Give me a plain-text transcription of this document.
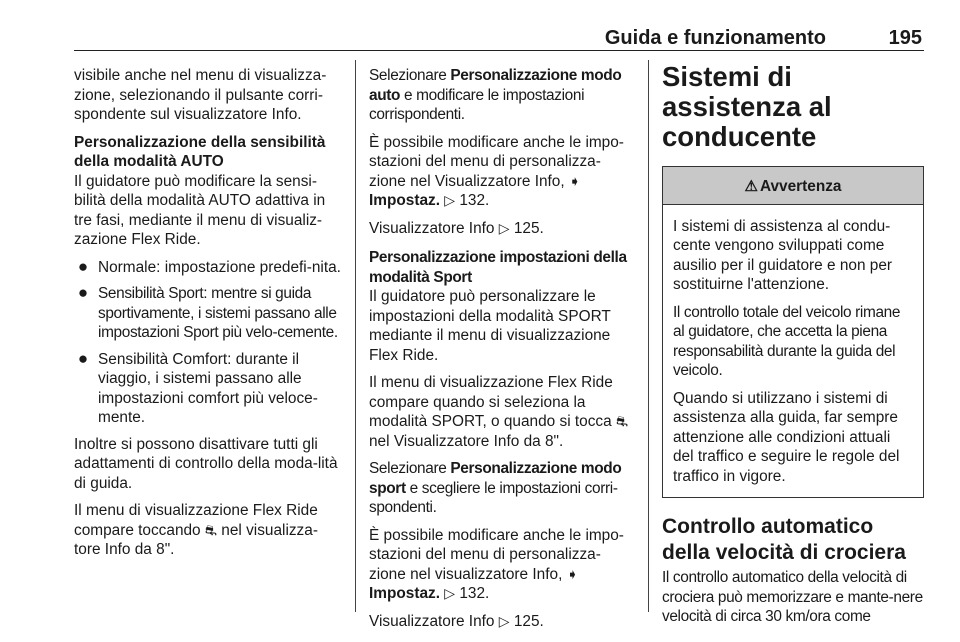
Guida e funzionamento	195

visibile anche nel menu di visualizza-zione, selezionando il pulsante corri-spondente sul visualizzatore Info.

Personalizzazione della sensibilità della modalità AUTO

Il guidatore può modificare la sensi-bilità della modalità AUTO adattiva in tre fasi, mediante il menu di visualiz-zazione Flex Ride.

● Normale: impostazione predefi-nita.
● Sensibilità Sport: mentre si guida sportivamente, i sistemi passano alle impostazioni Sport più velo-cemente.
● Sensibilità Comfort: durante il viaggio, i sistemi passano alle impostazioni comfort più veloce-mente.

Inoltre si possono disattivare tutti gli adattamenti di controllo della moda-lità di guida.

Il menu di visualizzazione Flex Ride compare toccando ⛐ nel visualizza-tore Info da 8".

Selezionare Personalizzazione modo auto e modificare le impostazioni corrispondenti.

È possibile modificare anche le impo-stazioni del menu di personalizza-zione nel Visualizzatore Info, ➧ Impostaz. ▷ 132.

Visualizzatore Info ▷ 125.

Personalizzazione impostazioni della modalità Sport

Il guidatore può personalizzare le impostazioni della modalità SPORT mediante il menu di visualizzazione Flex Ride.

Il menu di visualizzazione Flex Ride compare quando si seleziona la modalità SPORT, o quando si tocca ⛐ nel Visualizzatore Info da 8".

Selezionare Personalizzazione modo sport e scegliere le impostazioni corri-spondenti.

È possibile modificare anche le impo-stazioni del menu di personalizza-zione nel visualizzatore Info, ➧ Impostaz. ▷ 132.

Visualizzatore Info ▷ 125.

Sistemi di assistenza al conducente
⚠ Avvertenza

I sistemi di assistenza al condu-cente vengono sviluppati come ausilio per il guidatore e non per sostituirne l'attenzione.

Il controllo totale del veicolo rimane al guidatore, che accetta la piena responsabilità durante la guida del veicolo.

Quando si utilizzano i sistemi di assistenza alla guida, far sempre attenzione alle condizioni attuali del traffico e seguire le regole del traffico in vigore.

Controllo automatico della velocità di crociera

Il controllo automatico della velocità di crociera può memorizzare e mante-nere velocità di circa 30 km/ora come
